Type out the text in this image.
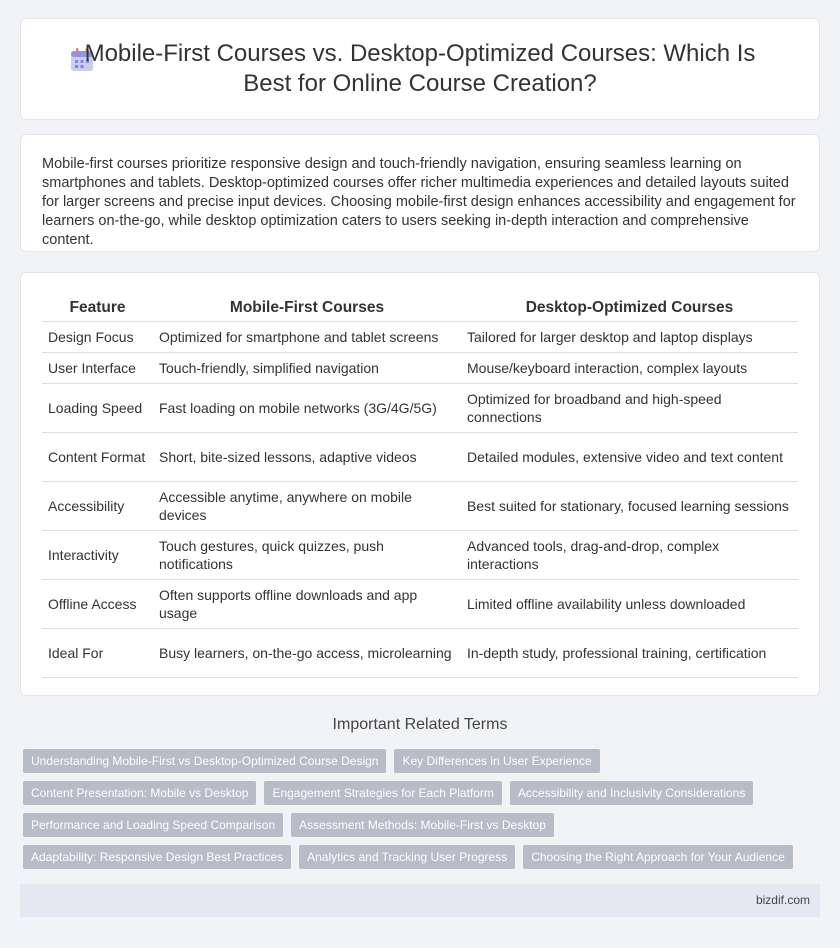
Mobile-First Courses vs. Desktop-Optimized Courses: Which Is Best for Online Course Creation?

Mobile-first courses prioritize responsive design and touch-friendly navigation, ensuring seamless learning on smartphones and tablets. Desktop-optimized courses offer richer multimedia experiences and detailed layouts suited for larger screens and precise input devices. Choosing mobile-first design enhances accessibility and engagement for learners on-the-go, while desktop optimization caters to users seeking in-depth interaction and comprehensive content.

Feature	Mobile-First Courses	Desktop-Optimized Courses
Design Focus	Optimized for smartphone and tablet screens	Tailored for larger desktop and laptop displays
User Interface	Touch-friendly, simplified navigation	Mouse/keyboard interaction, complex layouts
Loading Speed	Fast loading on mobile networks (3G/4G/5G)	Optimized for broadband and high-speed connections
Content Format	Short, bite-sized lessons, adaptive videos	Detailed modules, extensive video and text content
Accessibility	Accessible anytime, anywhere on mobile devices	Best suited for stationary, focused learning sessions
Interactivity	Touch gestures, quick quizzes, push notifications	Advanced tools, drag-and-drop, complex interactions
Offline Access	Often supports offline downloads and app usage	Limited offline availability unless downloaded
Ideal For	Busy learners, on-the-go access, microlearning	In-depth study, professional training, certification
Important Related Terms
Understanding Mobile-First vs Desktop-Optimized Course Design	Key Differences in User Experience
Content Presentation: Mobile vs Desktop	Engagement Strategies for Each Platform	Accessibility and Inclusivity Considerations
Performance and Loading Speed Comparison	Assessment Methods: Mobile-First vs Desktop
Adaptability: Responsive Design Best Practices	Analytics and Tracking User Progress	Choosing the Right Approach for Your Audience
bizdif.com
